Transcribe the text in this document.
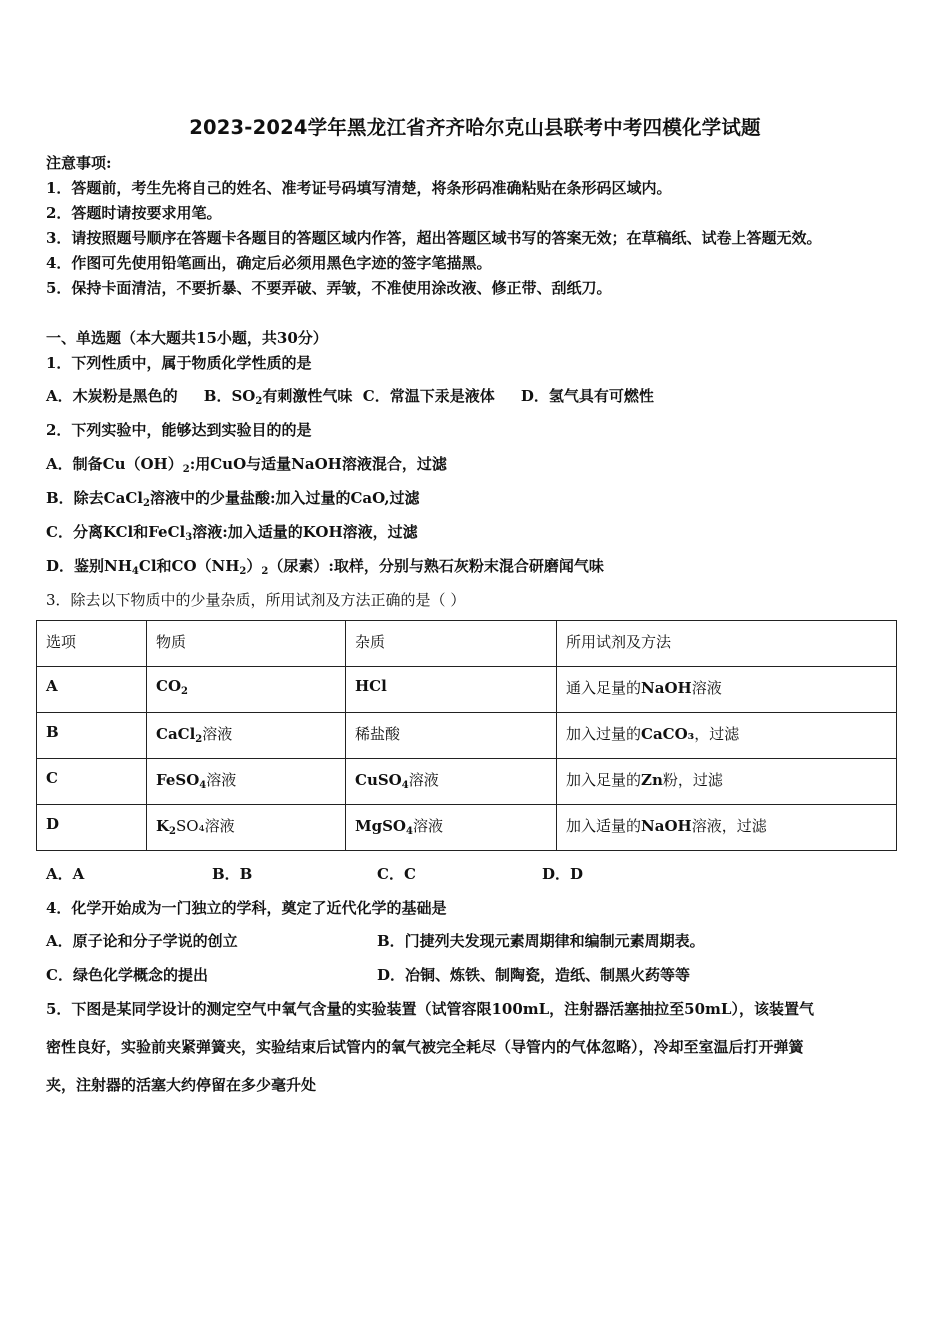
2023-2024学年黑龙江省齐齐哈尔克山县联考中考四模化学试题
注意事项:
1．答题前，考生先将自己的姓名、准考证号码填写清楚，将条形码准确粘贴在条形码区域内。
2．答题时请按要求用笔。
3．请按照题号顺序在答题卡各题目的答题区域内作答，超出答题区域书写的答案无效；在草稿纸、试卷上答题无效。
4．作图可先使用铅笔画出，确定后必须用黑色字迹的签字笔描黑。
5．保持卡面清洁，不要折暴、不要弄破、弄皱，不准使用涂改液、修正带、刮纸刀。
一、单选题（本大题共15小题，共30分）
1．下列性质中，属于物质化学性质的是
A．木炭粉是黑色的 B．$SO_2$有刺激性气味 C．常温下汞是液体 D．氢气具有可燃性
2．下列实验中，能够达到实验目的的是
A．制备$Cu(OH)_2$:用CuO与适量NaOH溶液混合，过滤
B．除去CaCl$_2$溶液中的少量盐酸:加入过量的CaO,过滤
C．分离KCl和FeCl$_3$溶液:加入适量的KOH溶液，过滤
D．鉴别$NH_4Cl$和$CO(NH_2)_2$（尿素）:取样，分别与熟石灰粉末混合研磨闻气味
3．除去以下物质中的少量杂质，所用试剂及方法正确的是（ ）
选项	物质	杂质	所用试剂及方法
A	$CO_2$	HCl	通入足量的NaOH溶液
B	CaCl$_2$溶液	稀盐酸	加入过量的CaCO₃，过滤
C	FeSO$_4$溶液	CuSO$_4$溶液	加入足量的Zn粉，过滤
D	$K_2SO_4$溶液	MgSO$_4$溶液	加入适量的NaOH溶液，过滤
A．A	B．B	C．C	D．D
4．化学开始成为一门独立的学科，奠定了近代化学的基础是
A．原子论和分子学说的创立	B．门捷列夫发现元素周期律和编制元素周期表。
C．绿色化学概念的提出	D．冶铜、炼铁、制陶瓷，造纸、制黑火药等等
5．下图是某同学设计的测定空气中氧气含量的实验装置（试管容限100mL，注射器活塞抽拉至50mL），该装置气
密性良好，实验前夹紧弹簧夹，实验结束后试管内的氧气被完全耗尽（导管内的气体忽略），冷却至室温后打开弹簧
夹，注射器的活塞大约停留在多少毫升处
